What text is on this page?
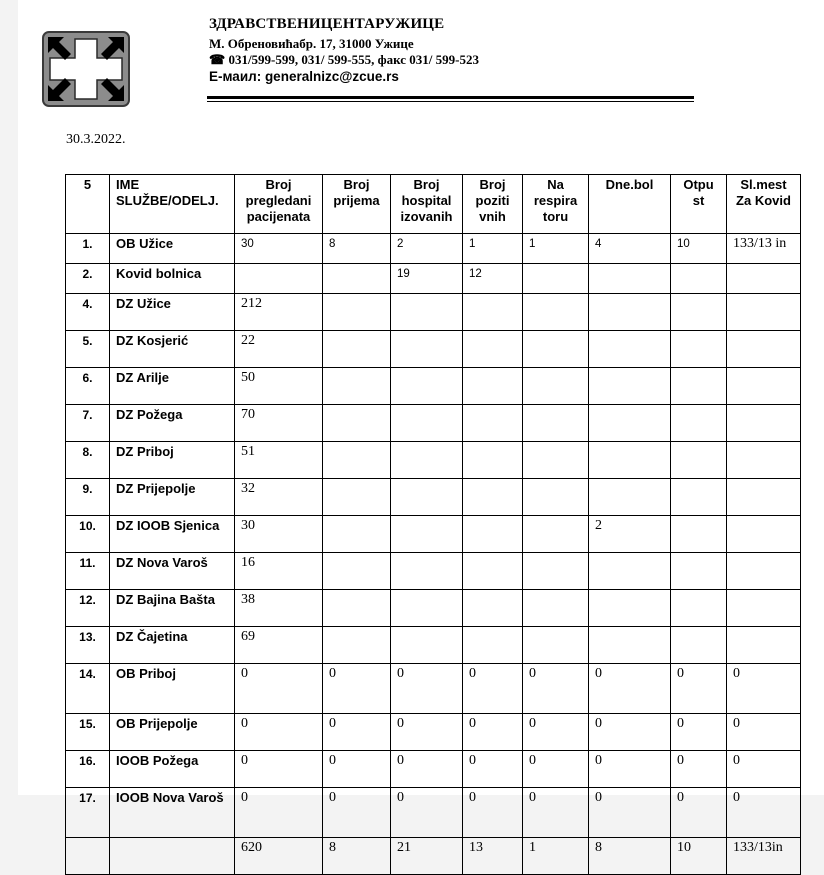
ЗДРАВСТВЕНИЦЕНТАРУЖИЦЕ
М. Обреновићабр. 17, 31000 Ужице
☎ 031/599-599, 031/ 599-555, факс 031/ 599-523
Е-маил: generalnizc@zcue.rs
30.3.2022.
5	IME SLUŽBE/ODELJ.	Broj pregledani pacijenata	Broj prijema	Broj hospital izovanih	Broj poziti vnih	Na respira toru	Dne.bol	Otpu st	Sl.mest Za Kovid
1.	OB Užice	30	8	2	1	1	4	10	133/13 in
2.	Kovid bolnica			19	12				
4.	DZ Užice	212							
5.	DZ Kosjerić	22							
6.	DZ Arilje	50							
7.	DZ Požega	70							
8.	DZ Priboj	51							
9.	DZ Prijepolje	32							
10.	DZ IOOB Sjenica	30					2		
11.	DZ Nova Varoš	16							
12.	DZ Bajina Bašta	38							
13.	DZ Čajetina	69							
14.	OB Priboj	0	0	0	0	0	0	0	0
15.	OB Prijepolje	0	0	0	0	0	0	0	0
16.	IOOB Požega	0	0	0	0	0	0	0	0
17.	IOOB Nova Varoš	0	0	0	0	0	0	0	0
		620	8	21	13	1	8	10	133/13in
